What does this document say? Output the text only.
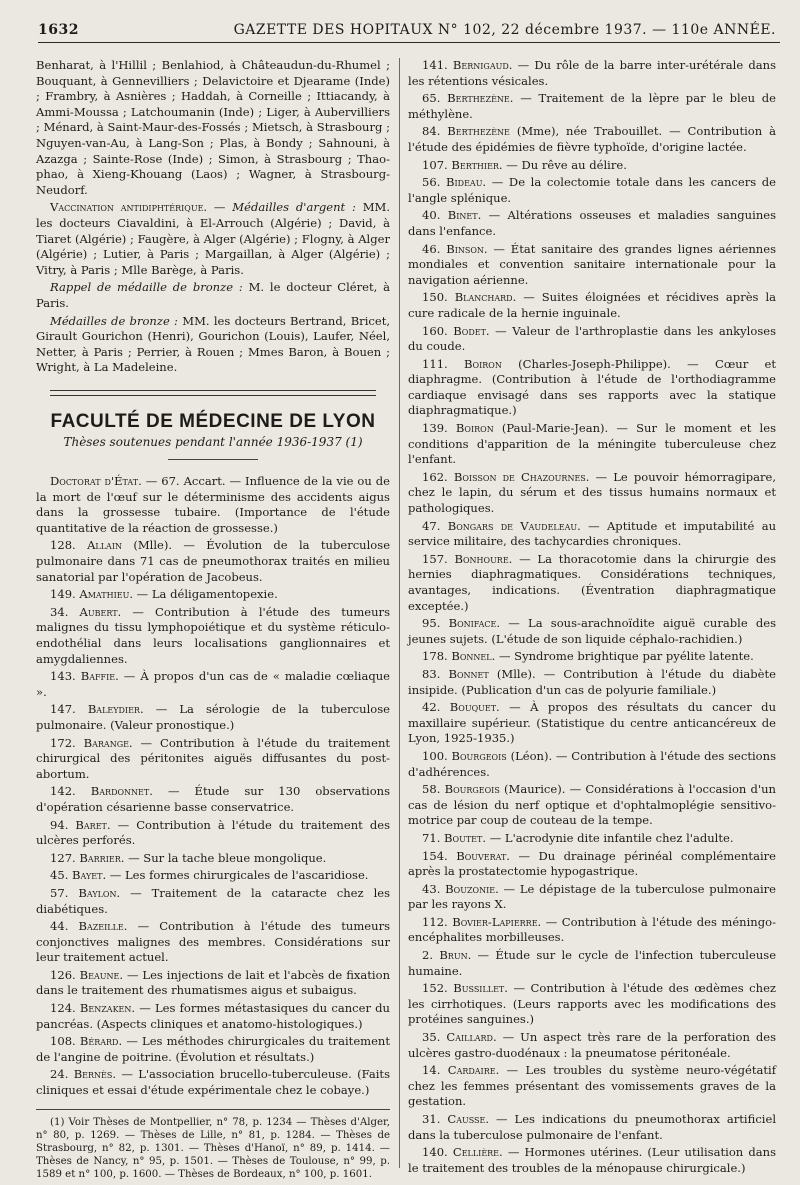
1632	GAZETTE DES HOPITAUX N° 102, 22 décembre 1937. — 110e ANNÉE.

Benharat, à l'Hillil ; Benlahiod, à Châteaudun-du-Rhumel ; Bouquant, à Gennevilliers ; Delavictoire et Djearame (Inde) ; Frambry, à Asnières ; Haddah, à Corneille ; Ittiacandy, à Ammi-Moussa ; Latchoumanin (Inde) ; Liger, à Aubervilliers ; Ménard, à Saint-Maur-des-Fossés ; Mietsch, à Strasbourg ; Nguyen-van-Au, à Lang-Son ; Plas, à Bondy ; Sahnouni, à Azazga ; Sainte-Rose (Inde) ; Simon, à Strasbourg ; Thao-phao, à Xieng-Khouang (Laos) ; Wagner, à Strasbourg-Neudorf.

Vaccination antidiphtérique. — Médailles d'argent : MM. les docteurs Ciavaldini, à El-Arrouch (Algérie) ; David, à Tiaret (Algérie) ; Faugère, à Alger (Algérie) ; Flogny, à Alger (Algérie) ; Lutier, à Paris ; Margaillan, à Alger (Algérie) ; Vitry, à Paris ; Mlle Barège, à Paris.

Rappel de médaille de bronze : M. le docteur Cléret, à Paris.

Médailles de bronze : MM. les docteurs Bertrand, Bricet, Girault Gourichon (Henri), Gourichon (Louis), Laufer, Néel, Netter, à Paris ; Perrier, à Rouen ; Mmes Baron, à Bouen ; Wright, à La Madeleine.

FACULTÉ DE MÉDECINE DE LYON
Thèses soutenues pendant l'année 1936-1937 (1)

Doctorat d'État. — 67. Accart. — Influence de la vie ou de la mort de l'œuf sur le déterminisme des accidents aigus dans la grossesse tubaire. (Importance de l'étude quantitative de la réaction de grossesse.)

128. Allain (Mlle). — Évolution de la tuberculose pulmonaire dans 71 cas de pneumothorax traités en milieu sanatorial par l'opération de Jacobeus.

149. Amathieu. — La déligamentopexie.

34. Aubert. — Contribution à l'étude des tumeurs malignes du tissu lymphopoiétique et du système réticulo-endothélial dans leurs localisations ganglionnaires et amygdaliennes.

143. Baffie. — À propos d'un cas de « maladie cœliaque ».

147. Baleydier. — La sérologie de la tuberculose pulmonaire. (Valeur pronostique.)

172. Barange. — Contribution à l'étude du traitement chirurgical des péritonites aiguës diffusantes du post-abortum.

142. Bardonnet. — Étude sur 130 observations d'opération césarienne basse conservatrice.

94. Baret. — Contribution à l'étude du traitement des ulcères perforés.

127. Barrier. — Sur la tache bleue mongolique.

45. Bayet. — Les formes chirurgicales de l'ascaridiose.

57. Baylon. — Traitement de la cataracte chez les diabétiques.

44. Bazeille. — Contribution à l'étude des tumeurs conjonctives malignes des membres. Considérations sur leur traitement actuel.

126. Beaune. — Les injections de lait et l'abcès de fixation dans le traitement des rhumatismes aigus et subaigus.

124. Benzaken. — Les formes métastasiques du cancer du pancréas. (Aspects cliniques et anatomo-histologiques.)

108. Bérard. — Les méthodes chirurgicales du traitement de l'angine de poitrine. (Évolution et résultats.)

24. Bernès. — L'association brucello-tuberculeuse. (Faits cliniques et essai d'étude expérimentale chez le cobaye.)

(1) Voir Thèses de Montpellier, n° 78, p. 1234 — Thèses d'Alger, n° 80, p. 1269. — Thèses de Lille, n° 81, p. 1284. — Thèses de Strasbourg, n° 82, p. 1301. — Thèses d'Hanoï, n° 89, p. 1414. — Thèses de Nancy, n° 95, p. 1501. — Thèses de Toulouse, n° 99, p. 1589 et n° 100, p. 1600. — Thèses de Bordeaux, n° 100, p. 1601.

141. Bernigaud. — Du rôle de la barre inter-urétérale dans les rétentions vésicales.

65. Berthezène. — Traitement de la lèpre par le bleu de méthylène.

84. Berthezène (Mme), née Trabouillet. — Contribution à l'étude des épidémies de fièvre typhoïde, d'origine lactée.

107. Berthier. — Du rêve au délire.

56. Bideau. — De la colectomie totale dans les cancers de l'angle splénique.

40. Binet. — Altérations osseuses et maladies sanguines dans l'enfance.

46. Binson. — État sanitaire des grandes lignes aériennes mondiales et convention sanitaire internationale pour la navigation aérienne.

150. Blanchard. — Suites éloignées et récidives après la cure radicale de la hernie inguinale.

160. Bodet. — Valeur de l'arthroplastie dans les ankyloses du coude.

111. Boiron (Charles-Joseph-Philippe). — Cœur et diaphragme. (Contribution à l'étude de l'orthodiagramme cardiaque envisagé dans ses rapports avec la statique diaphragmatique.)

139. Boiron (Paul-Marie-Jean). — Sur le moment et les conditions d'apparition de la méningite tuberculeuse chez l'enfant.

162. Boisson de Chazournes. — Le pouvoir hémorragipare, chez le lapin, du sérum et des tissus humains normaux et pathologiques.

47. Bongars de Vaudeleau. — Aptitude et imputabilité au service militaire, des tachycardies chroniques.

157. Bonhoure. — La thoracotomie dans la chirurgie des hernies diaphragmatiques. Considérations techniques, avantages, indications. (Éventration diaphragmatique exceptée.)

95. Boniface. — La sous-arachnoïdite aiguë curable des jeunes sujets. (L'étude de son liquide céphalo-rachidien.)

178. Bonnel. — Syndrome brightique par pyélite latente.

83. Bonnet (Mlle). — Contribution à l'étude du diabète insipide. (Publication d'un cas de polyurie familiale.)

42. Bouquet. — À propos des résultats du cancer du maxillaire supérieur. (Statistique du centre anticancéreux de Lyon, 1925-1935.)

100. Bourgeois (Léon). — Contribution à l'étude des sections d'adhérences.

58. Bourgeois (Maurice). — Considérations à l'occasion d'un cas de lésion du nerf optique et d'ophtalmoplégie sensitivo-motrice par coup de couteau de la tempe.

71. Boutet. — L'acrodynie dite infantile chez l'adulte.

154. Bouverat. — Du drainage périnéal complémentaire après la prostatectomie hypogastrique.

43. Bouzonie. — Le dépistage de la tuberculose pulmonaire par les rayons X.

112. Bovier-Lapierre. — Contribution à l'étude des méningo-encéphalites morbilleuses.

2. Brun. — Étude sur le cycle de l'infection tuberculeuse humaine.

152. Bussillet. — Contribution à l'étude des œdèmes chez les cirrhotiques. (Leurs rapports avec les modifications des protéines sanguines.)

35. Caillard. — Un aspect très rare de la perforation des ulcères gastro-duodénaux : la pneumatose péritonéale.

14. Cardaire. — Les troubles du système neuro-végétatif chez les femmes présentant des vomissements graves de la gestation.

31. Causse. — Les indications du pneumothorax artificiel dans la tuberculose pulmonaire de l'enfant.

140. Cellière. — Hormones utérines. (Leur utilisation dans le traitement des troubles de la ménopause chirurgicale.)
